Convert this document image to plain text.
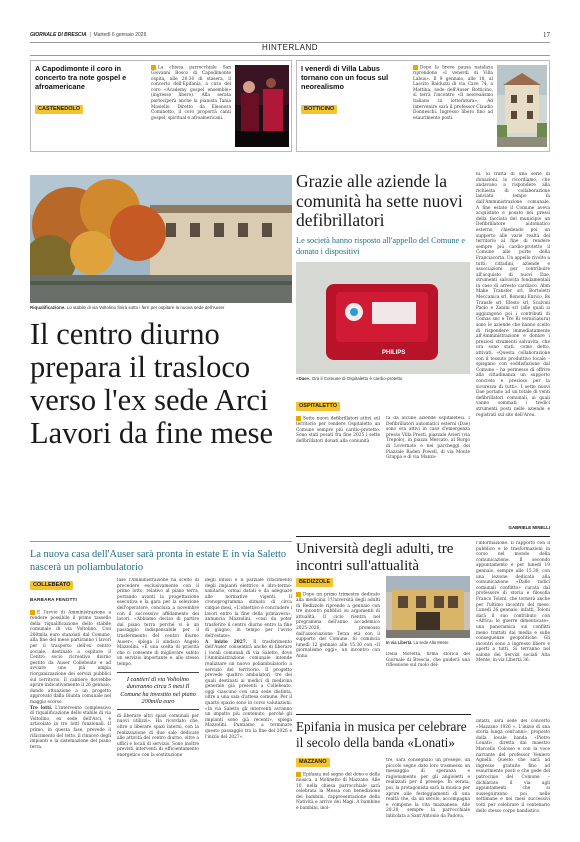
GIORNALE DI BRESCIA  |  Martedì 6 gennaio 2026	17
HINTERLAND
A Capodimonte il coro in concerto tra note gospel e afroamericane
CASTENEDOLO
La chiesa parrocchiale San Giovanni Bosco di Capodimonte ospita, alle 20.30 di stasera, il concerto dell'Epifania, a cura del coro «Academy gospel ensemble» (ingresso libero). Alla serata parteciperà anche la pianista Tania Masiello. Diretto da Eleonora Cominotto, il coro proporrà canti gospel, spiritual e afroamericani.
I venerdì di Villa Labus tornano con un focus sul neorealismo
BOTTICINO
Dopo la breve pausa natalizia riprendono «I venerdì di Villa Labus». Il 9 gennaio, alle 18, al Lascito Balduzzi di via Cave 74, a Mattina, sede dell'Auser Botticino, si terrà l'incontro «Il neorealismo italiano in letteratura». Ad intervenire sarà il professor Claudio Donneschi. Ingresso libero fino ad esaurimento posti.
Riqualificazione. Lo stabile di via Voltolino finirà sotto i ferri per ospitare la nuova sede dell'Auser
Il centro diurno prepara il trasloco verso l'ex sede Arci Lavori da fine mese
La nuova casa dell'Auser sarà pronta in estate E in via Saletto nascerà un poliambulatorio
COLLEBEATO
BARBARA FENOTTI
È l'avvio di Amministrazione a rendere possibile il primo tassello della riqualificazione dello stabile comunale di via Voltolino. Con 200mila euro stanziati dal Comune, alla fine del mese partiranno i lavori per il trasporto dell'ex centro sociale, destinato a ospitare il Centro socio ricreativo diurno gestito da Auser Collebeato e ad avviare uno più ampia riorganizzazione dei servizi pubblici sul territorio. Il cantiere dovrebbe aprire indicativamente il 26 gennaio, dando attuazione a un progetto approvato dalla Giunta comunale nel maggio scorso.
Tre lotti. L'intervento complessivo di riqualificazione dello stabile di via Voltolino, ex sede dell'Arci, è articolato in tre lotti funzionali. Il primo, in questa fase, prevede il rifacimento del tetto, il rinnovo degli impianti e la sistemazione del piano terra.
fase l'Amministrazione ha scelto di procedere esclusivamente con il primo lotto, relativo al piano terra, portando avanti la progettazione esecutiva e la gara per la selezione dell'operatore, conclusa a novembre con il successivo affidamento dei lavori. «Abbiamo deciso di partire dal piano terra perché vi è un passaggio indispensabile per il trasferimento del centro diurno Auser», spiega il sindaco Angelo Mazzolini. «È una scelta di priorità che ci consente di migliorare subito un servizio importante e, allo stesso tempo,
I cantieri di via Voltolino dureranno circa 5 mesi Il Comune ha investito nel piano 200mila euro
di liberare altri spazi comunali per nuovi utilizzi». Ha ricordato che, oltre a liberare spazi interni, con la realizzazione di due sale dedicate alle attività del centro diurno, oltre a uffici e locali di servizio. Sono inoltre previsti interventi di efficientamento energetico con la sostituzione
degli infissi e il parziale rifacimento degli impianti elettrico e idro-termo-sanitario, ormai datati e da adeguare alle normative vigenti. Il cronoprogramma stimato di circa cinque mesi, «L'obiettivo è concludere i lavori entro la fine della primavera», annuncia Mazzolini, «così da poter trasferire il centro diurno entro la fine di giugno, in tempo per l'avvio dell'estate».
A inizio 2027. Il trasferimento dell'Auser consentirà anche di liberare i locali comunali di via Saletto, dove l'Amministrazione comunale intende realizzare un nuovo poliambulatorio a servizio del territorio. Il progetto prevede quattro ambulatori, tre dei quali destinati ai medici di medicina generale già presenti a Collebeato, oggi ciascuno con una sede distinta, oltre a una sala d'attesa comune. Per il quarto spazio sono in corso valutazioni. «In via Saletto gli interventi avranno un impatto più contenuto, perché gli impianti sono già recenti», spiega Mazzolini. Puntiamo a terminare questo passaggio tra la fine del 2026 e l'inizio del 2027».
Grazie alle aziende la comunità ha sette nuovi defibrillatori
Le società hanno risposto all'appello del Comune e donato i dispositivi
PHILIPS
«Dae». Ora il Comune di Ospitaletto è cardio-protetto
OSPITALETTO
Sette nuovi defibrillatori attivi sul territorio per rendere Ospitaletto un Comune sempre più cardio-protetto. Sono stati posati fra fine 2025 i sette defibrillatori donati alla comunità
tà da alcune aziende ospitaletesi. I Defibrillatori automatici esterni (Dae) sono ora attivi in caso d'emergenza presso Villa Presti, piazzale Avieri (via Trepolo), in piazza Mercato, al Borgo di Lovernato e nei parcheggi dei Piazzale Baden Powell, di via Monte Grappa e di via Manzo-
ni. Si tratta di una serie di donazioni, lo ricordiamo, che andavano a rispondere alla richiesta di collaborazione lanciata tempo fa dall'Amministrazione comunale. A fine estate il Comune aveva acquistato e posato nei pressi della facciata del municipio un Defibrillatore automatico esterno, chiedendo poi un supporto alle varie realtà del territorio al fine di rendere sempre più cardio-protetto il Comune alle porte della Franciacorta. Un appello rivolto a tutti: cittadini, aziende e associazioni per contribuire all'acquisto di nuovi Dae, strumenti salvavita fondamentali in caso di arresto cardiaco. Abm Make Transfer srl, Bortoletti Meccanica srl, Bonomi Enrico, Bs Transfe srl, Elesto srl, Scalvini Paolo e Zanini srl (alle quali si aggiungono poi i contributi di Comas snc e Tre Bi verniciatura) sono le aziende che hanno scelto di rispondere immediatamente all'Amministrazione e donare i preziosi strumenti salvavita, che ora sono stati, come detto, attivati. «Questa collaborazione con il tessuto produttivo locale – spiegano con soddisfazione dal Comune – ha permesso di offrire alla cittadinanza un supporto concreto e prezioso per la sicurezza di tutti». I sette nuovi Dae portano ad un totale di venti defibrillatori comunali, ai quali vanno sommati i tredici strumenti posti nelle aziende e registrati sul sito dell'Areu.
GABRIELE MINELLI
Università degli adulti, tre incontri sull'attualità
BEDIZZOLE
Dopo un primo trimestre dedicato alla medicina, l'Università degli adulti di Bedizzole riprende a gennaio con tre incontri pubblici su argomenti di attualità. Il ciclo rientra nel programma dell'anno accademico 2025-2026, promosso dall'associazione Terza età con il supporto del Comune. Si comincia lunedì 12 gennaio alle 15.30 con «Il giornalismo oggi», un incontro con Anna
In via Libertà. La sede Alta Mente
Della Moretta, firma storica del Giornale di Brescia, che guiderà una riflessione sul ruolo del-
l'informazione. Il rapporto con il pubblico e le trasformazioni in corso nel mondo della comunicazione. Il secondo appuntamento è per lunedì 19 gennaio, sempre alle 15.30, con una lezione dedicata alla comunicazione «Dalle radici comunali conflitto» curata dal professore di storia e filosofia Franco Toloni, che tornerà anche per l'ultimo incontro del mese. Lunedì 26 gennaio, infatti, Toloni darà il suo contributo con «Africa: le guerre dimenticate», una panoramica sui conflitti meno trattati dai media e sulle conseguenze geopolitiche. Gli incontri sono a ingresso libero e aperti a tutti. Si terranno nel salone dei Servizi sociali Alta Mente, in via Libertà 36.
Epifania in musica per celebrare il secolo della banda «Lonati»
MAZZANO
Epifania nel segno del dono e della musica, a Molinetto di Mazzano. Alle 10, nella chiesa parrocchiale sarà celebrata la Messa con benedizione dei bambini, rappresentazione della Natività e arrivo dei Magi. A bambine e bambini, inol-
tre, sarà consegnato un presepe, un piccolo segno dato loro trasmesso un messaggio di speranza e ragionamento per gli angioletti e realizzati per il presepe. In serata, poi, la protagonista sarà la musica per aprire alle festeggiamenti di una realtà che, da un secolo, accompagna e compone la vita mazzanese. Alle 20.30, sempre la parrocchiale intitolata a Sant'Antonio da Padova,
infatti, sarà sede del concerto «Mazzano 1926 ». L'inizio di una storia lunga cent'anni», proposto dalla locale banda «Pietro Lonati», diretta dal maestro Marcello Colosso e con la voce narrante del professor Veniero Agnelli. Questo che sarà ad ingresso gratuito fino ad esaurimento posti e che gode del patrocinio del Comune – dichiarato il via agli appuntamenti che si susseguiranno poi nelle settimane e nei mesi successivi volti per celebrare il centenario dello stesso corpo bandistico.
